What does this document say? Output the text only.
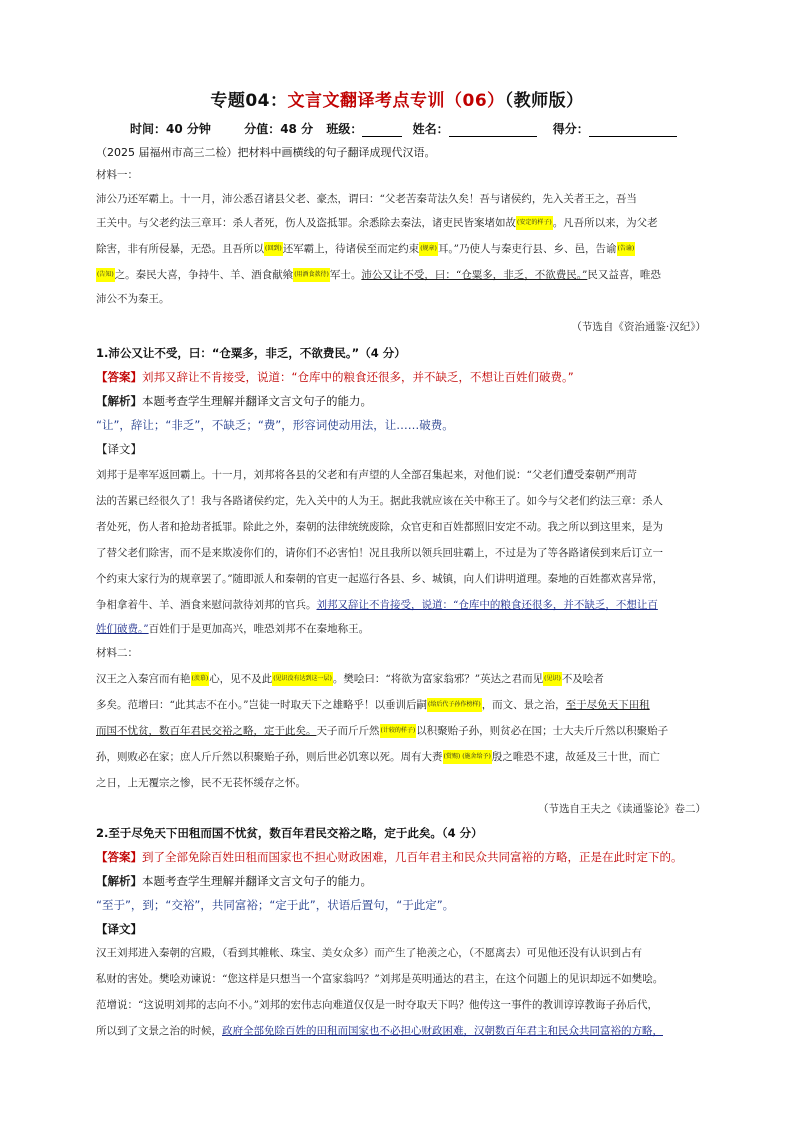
专题04：文言文翻译考点专训（06）（教师版）
时间：40 分钟	分值：48 分 班级：	姓名：	得分：
（2025 届福州市高三二检）把材料中画横线的句子翻译成现代汉语。
材料一：
沛公乃还军霸上。十一月，沛公悉召诸县父老、豪杰，谓曰：“父老苦秦苛法久矣！吾与诸侯约，先入关者王之，吾当
王关中。与父老约法三章耳：杀人者死，伤人及盗抵罪。余悉除去秦法，诸吏民皆案堵如故(安定的样子)。凡吾所以来，为父老
除害，非有所侵暴，无恐。且吾所以(回到)还军霸上，待诸侯至而定约束(规章)耳。”乃使人与秦吏行县、乡、邑，告谕(告谕)
(告知)之。秦民大喜，争持牛、羊、酒食献飨(用酒食款待)军士。沛公又让不受，曰：“仓粟多，非乏，不欲费民。”民又益喜，唯恐
沛公不为秦王。
（节选自《资治通鉴·汉纪》）
1.沛公又让不受，曰：“仓粟多，非乏，不欲费民。”（4 分）
【答案】刘邦又辞让不肯接受，说道：“仓库中的粮食还很多，并不缺乏，不想让百姓们破费。”
【解析】本题考查学生理解并翻译文言文句子的能力。
“让”，辞让；“非乏”，不缺乏；“费”，形容词使动用法，让……破费。
【译文】
刘邦于是率军返回霸上。十一月，刘邦将各县的父老和有声望的人全部召集起来，对他们说：“父老们遭受秦朝严刑苛
法的苦累已经很久了！我与各路诸侯约定，先入关中的人为王。据此我就应该在关中称王了。如今与父老们约法三章：杀人
者处死，伤人者和抢劫者抵罪。除此之外，秦朝的法律统统废除，众官吏和百姓都照旧安定不动。我之所以到这里来，是为
了替父老们除害，而不是来欺凌你们的，请你们不必害怕！况且我所以领兵回驻霸上，不过是为了等各路诸侯到来后订立一
个约束大家行为的规章罢了。”随即派人和秦朝的官吏一起巡行各县、乡、城镇，向人们讲明道理。秦地的百姓都欢喜异常，
争相拿着牛、羊、酒食来慰问款待刘邦的官兵。刘邦又辞让不肯接受，说道：“仓库中的粮食还很多，并不缺乏，不想让百
姓们破费。”百姓们于是更加高兴，唯恐刘邦不在秦地称王。
材料二：
汉王之入秦宫而有艳(羡慕)心，见不及此(见识没有达到这一层)。樊哙曰：“将欲为富家翁邪？”英达之君而见(见识)不及哙者
多矣。范增曰：“此其志不在小。”岂徒一时取天下之雄略乎！以垂训后嗣(给后代子孙作榜样)，而文、景之治，至于尽免天下田租
而国不忧贫，数百年君民交裕之略，定于此矣。天子而斤斤然(计较的样子)以积聚贻子孙，则贫必在国；士大夫斤斤然以积聚贻子
孙，则败必在家；庶人斤斤然以积聚贻子孙，则后世必饥寒以死。周有大赉(赏赐) (施舍给予)殷之唯恐不逮，故延及三十世，而亡
之日，上无覆宗之惨，民不无苌怀缓存之怀。
（节选自王夫之《读通鉴论》卷二）
2.至于尽免天下田租而国不忧贫，数百年君民交裕之略，定于此矣。（4 分）
【答案】到了全部免除百姓田租而国家也不担心财政困难，几百年君主和民众共同富裕的方略，正是在此时定下的。
【解析】本题考查学生理解并翻译文言文句子的能力。
“至于”，到；“交裕”，共同富裕；“定于此”，状语后置句，“于此定”。
【译文】
汉王刘邦进入秦朝的宫殿，（看到其帷帐、珠宝、美女众多）而产生了艳羡之心，（不愿离去）可见他还没有认识到占有
私财的害处。樊哙劝谏说：“您这样是只想当一个富家翁吗？”刘邦是英明通达的君主，在这个问题上的见识却远不如樊哙。
范增说：“这说明刘邦的志向不小。”刘邦的宏伟志向难道仅仅是一时夺取天下吗？他传这一事件的教训谆谆教诲子孙后代，
所以到了文景之治的时候，政府全部免除百姓的田租而国家也不必担心财政困难，汉朝数百年君主和民众共同富裕的方略，
